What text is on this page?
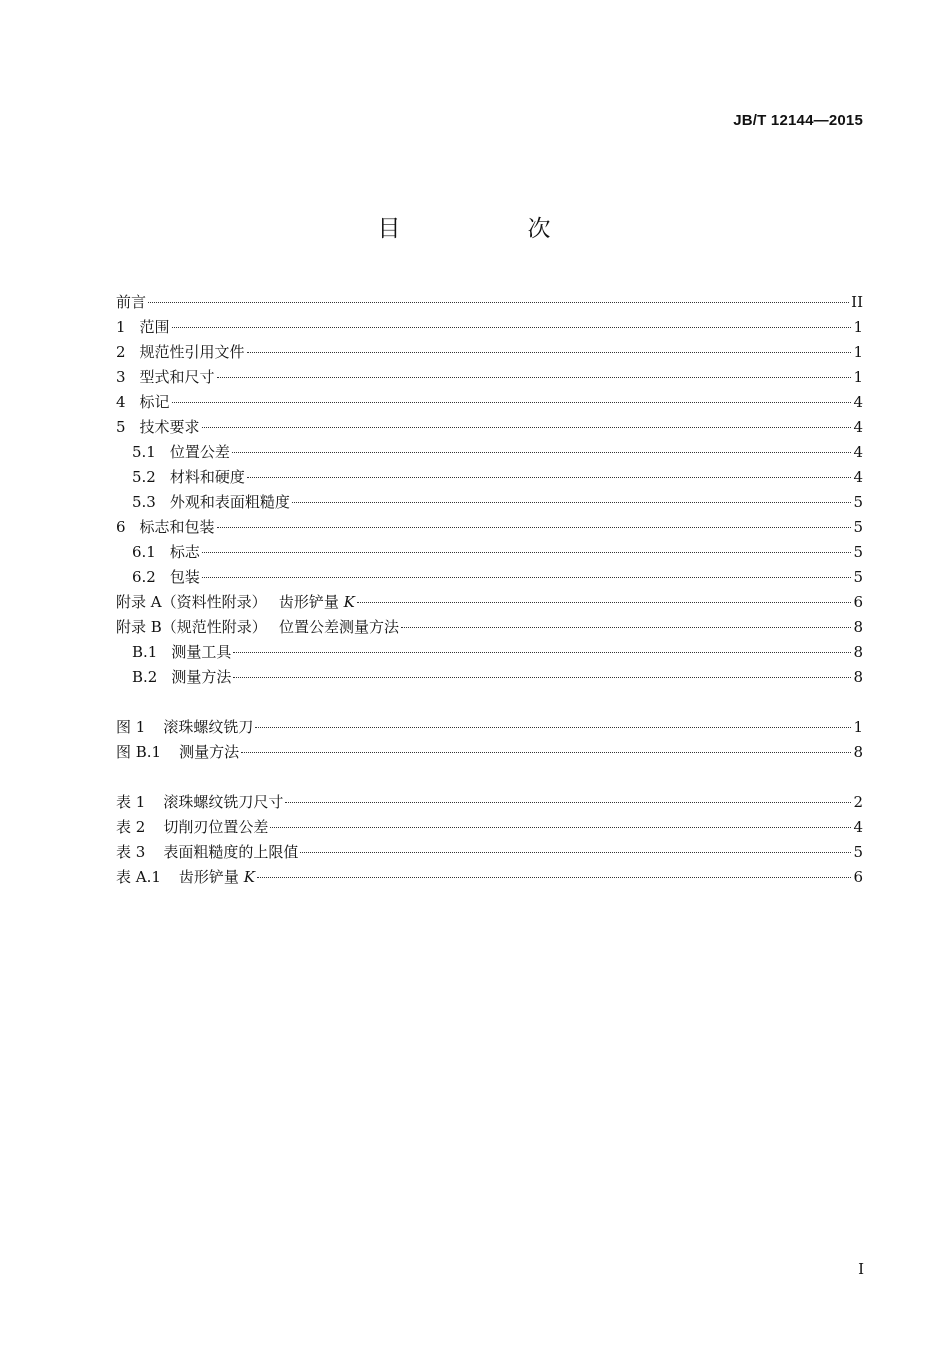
JB/T 12144—2015
目　次
前言	II
1 范围	1
2 规范性引用文件	1
3 型式和尺寸	1
4 标记	4
5 技术要求	4
5.1 位置公差	4
5.2 材料和硬度	4
5.3 外观和表面粗糙度	5
6 标志和包装	5
6.1 标志	5
6.2 包装	5
附录 A（资料性附录）　 齿形铲量 K	6
附录 B（规范性附录）　 位置公差测量方法	8
B.1 测量工具	8
B.2 测量方法	8
图 1 滚珠螺纹铣刀	1
图 B.1 测量方法	8
表 1 滚珠螺纹铣刀尺寸	2
表 2 切削刃位置公差	4
表 3 表面粗糙度的上限值	5
表 A.1 齿形铲量 K	6
I
